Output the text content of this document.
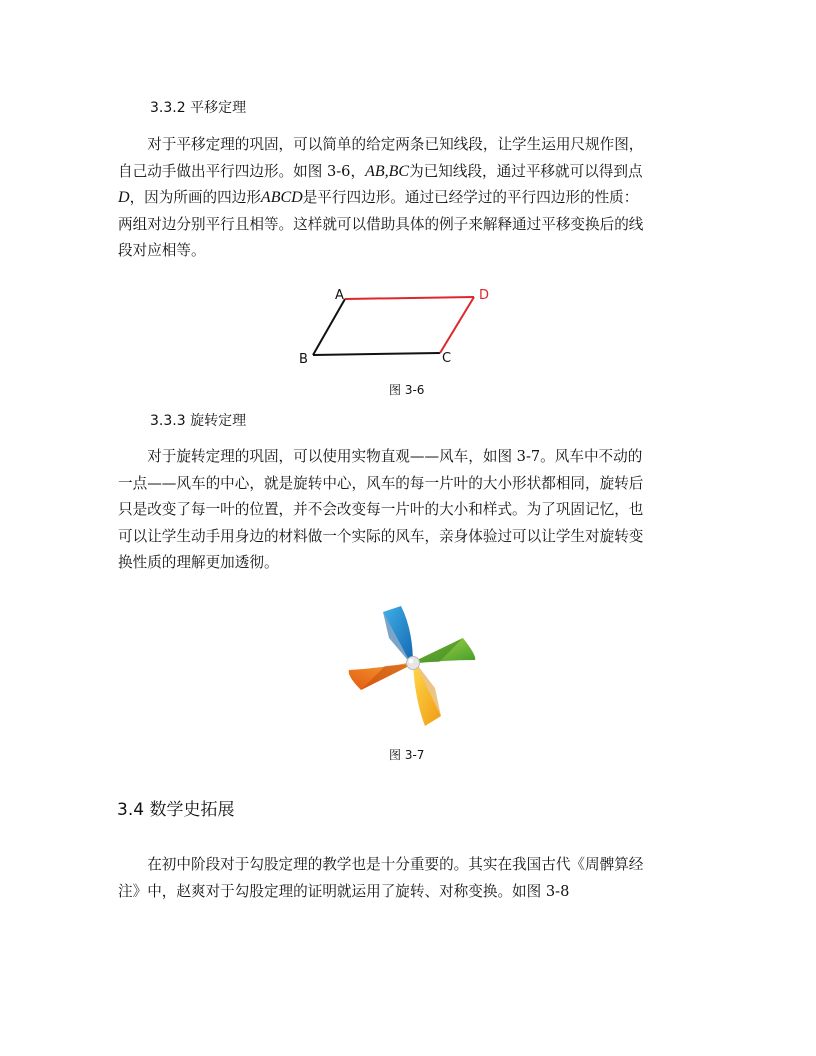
3.3.2 平移定理
对于平移定理的巩固，可以简单的给定两条已知线段，让学生运用尺规作图，
自己动手做出平行四边形。如图 3-6，AB,BC为已知线段，通过平移就可以得到点
D，因为所画的四边形ABCD是平行四边形。通过已经学过的平行四边形的性质：
两组对边分别平行且相等。这样就可以借助具体的例子来解释通过平移变换后的线
段对应相等。
A
B	C
D
图 3-6
3.3.3 旋转定理
对于旋转定理的巩固，可以使用实物直观——风车，如图 3-7。风车中不动的
一点——风车的中心，就是旋转中心，风车的每一片叶的大小形状都相同，旋转后
只是改变了每一叶的位置，并不会改变每一片叶的大小和样式。为了巩固记忆，也
可以让学生动手用身边的材料做一个实际的风车，亲身体验过可以让学生对旋转变
换性质的理解更加透彻。
图 3-7
3.4 数学史拓展
在初中阶段对于勾股定理的教学也是十分重要的。其实在我国古代《周髀算经
注》中，赵爽对于勾股定理的证明就运用了旋转、对称变换。如图 3-8
